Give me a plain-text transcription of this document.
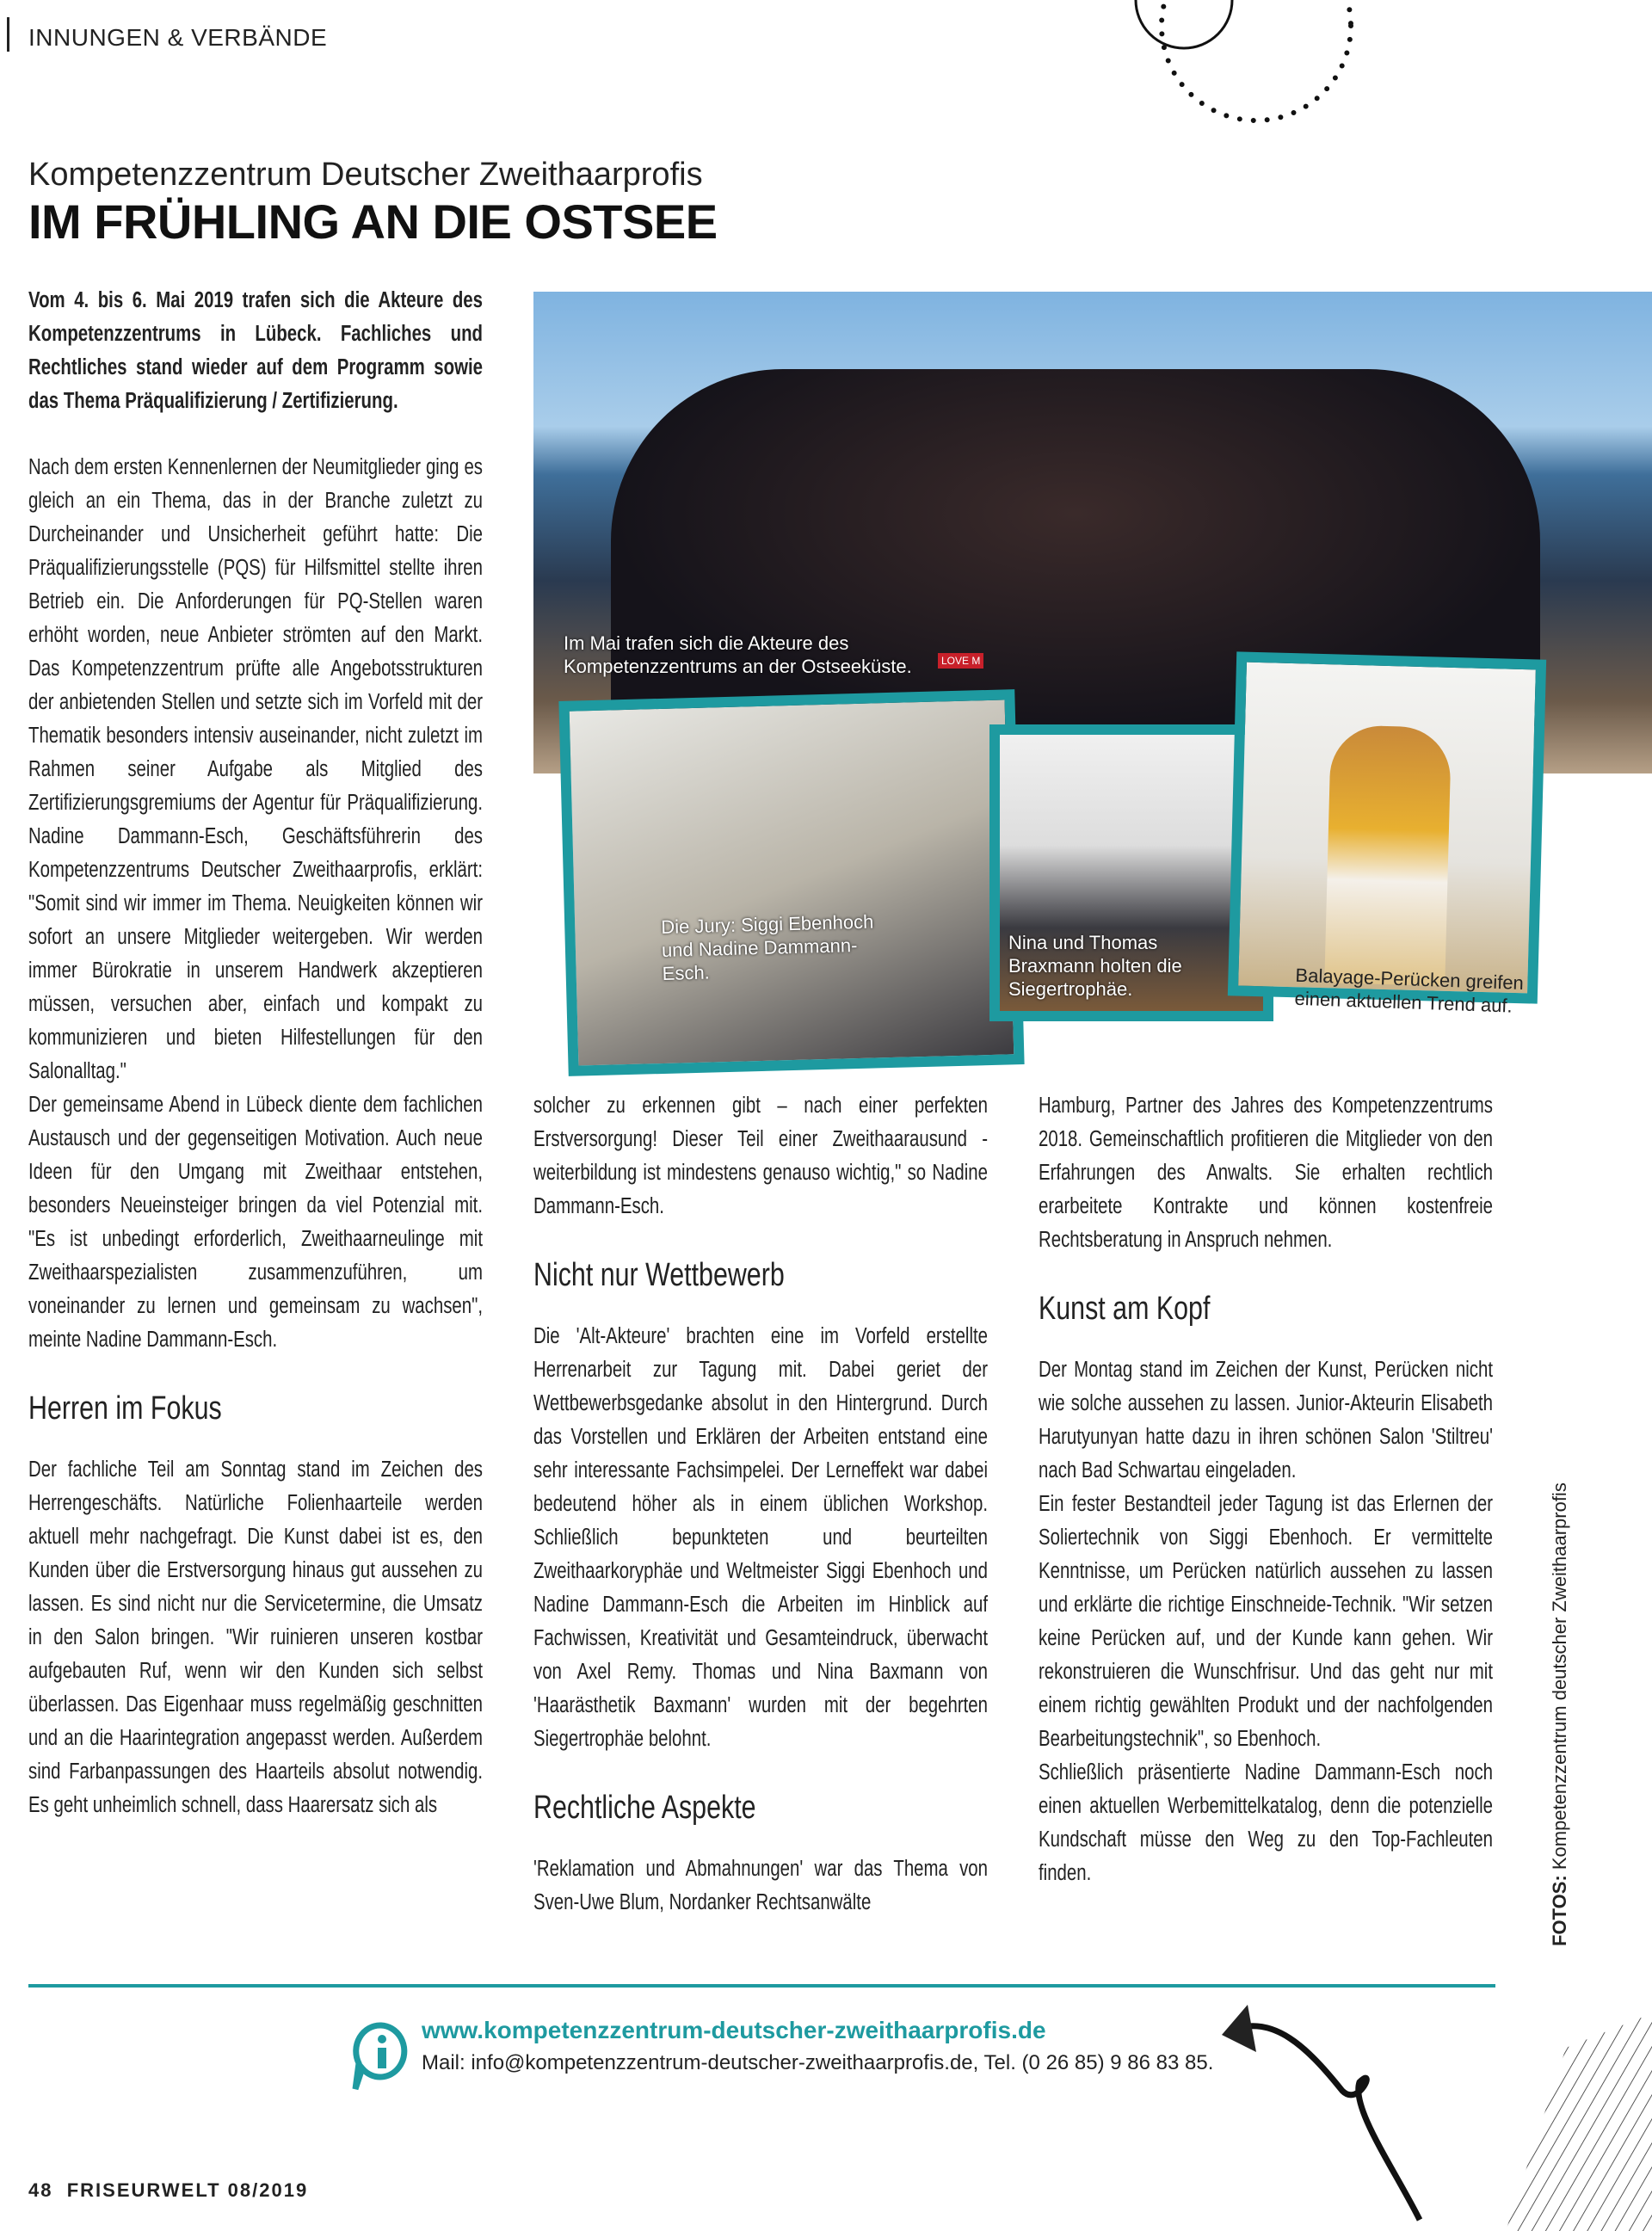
INNUNGEN & VERBÄNDE
Kompetenzzentrum Deutscher Zweithaarprofis
IM FRÜHLING AN DIE OSTSEE

Vom 4. bis 6. Mai 2019 trafen sich die Akteure des Kompetenzzentrums in Lübeck. Fachliches und Rechtliches stand wieder auf dem Programm sowie das Thema Präqualifizierung / Zertifizierung.

Nach dem ersten Kennenlernen der Neumitglieder ging es gleich an ein Thema, das in der Branche zuletzt zu Durcheinander und Unsicherheit geführt hatte: Die Präqualifizierungsstelle (PQS) für Hilfsmittel stellte ihren Betrieb ein. Die Anforderungen für PQ-Stellen waren erhöht worden, neue Anbieter strömten auf den Markt. Das Kompetenzzentrum prüfte alle Angebotsstrukturen der anbietenden Stellen und setzte sich im Vorfeld mit der Thematik besonders intensiv auseinander, nicht zuletzt im Rahmen seiner Aufgabe als Mitglied des Zertifizierungsgremiums der Agentur für Präqualifizierung. Nadine Dammann-Esch, Geschäftsführerin des Kompetenzzentrums Deutscher Zweithaarprofis, erklärt: "Somit sind wir immer im Thema. Neuigkeiten können wir sofort an unsere Mitglieder weitergeben. Wir werden immer Bürokratie in unserem Handwerk akzeptieren müssen, versuchen aber, einfach und kompakt zu kommunizieren und bieten Hilfestellungen für den Salonalltag."

Der gemeinsame Abend in Lübeck diente dem fachlichen Austausch und der gegenseitigen Motivation. Auch neue Ideen für den Umgang mit Zweithaar entstehen, besonders Neueinsteiger bringen da viel Potenzial mit. "Es ist unbedingt erforderlich, Zweithaarneulinge mit Zweithaarspezialisten zusammenzuführen, um voneinander zu lernen und gemeinsam zu wachsen", meinte Nadine Dammann-Esch.

Herren im Fokus

Der fachliche Teil am Sonntag stand im Zeichen des Herrengeschäfts. Natürliche Folienhaarteile werden aktuell mehr nachgefragt. Die Kunst dabei ist es, den Kunden über die Erstversorgung hinaus gut aussehen zu lassen. Es sind nicht nur die Servicetermine, die Umsatz in den Salon bringen. "Wir ruinieren unseren kostbar aufgebauten Ruf, wenn wir den Kunden sich selbst überlassen. Das Eigenhaar muss regelmäßig geschnitten und an die Haarintegration angepasst werden. Außerdem sind Farbanpassungen des Haarteils absolut notwendig. Es geht unheimlich schnell, dass Haarersatz sich als

Im Mai trafen sich die Akteure des Kompetenzzentrums an der Ostseeküste.	LOVE M
Die Jury: Siggi Ebenhoch und Nadine Dammann-Esch.
Nina und Thomas Braxmann holten die Siegertrophäe.	Balayage-Perücken greifen einen aktuellen Trend auf.

solcher zu erkennen gibt – nach einer perfekten Erstversorgung! Dieser Teil einer Zweithaarausund -weiterbildung ist mindestens genauso wichtig," so Nadine Dammann-Esch.

Nicht nur Wettbewerb

Die 'Alt-Akteure' brachten eine im Vorfeld erstellte Herrenarbeit zur Tagung mit. Dabei geriet der Wettbewerbsgedanke absolut in den Hintergrund. Durch das Vorstellen und Erklären der Arbeiten entstand eine sehr interessante Fachsimpelei. Der Lerneffekt war dabei bedeutend höher als in einem üblichen Workshop. Schließlich bepunkteten und beurteilten Zweithaarkoryphäe und Weltmeister Siggi Ebenhoch und Nadine Dammann-Esch die Arbeiten im Hinblick auf Fachwissen, Kreativität und Gesamteindruck, überwacht von Axel Remy. Thomas und Nina Baxmann von 'Haarästhetik Baxmann' wurden mit der begehrten Siegertrophäe belohnt.

Rechtliche Aspekte

'Reklamation und Abmahnungen' war das Thema von Sven-Uwe Blum, Nordanker Rechtsanwälte

Hamburg, Partner des Jahres des Kompetenzzentrums 2018. Gemeinschaftlich profitieren die Mitglieder von den Erfahrungen des Anwalts. Sie erhalten rechtlich erarbeitete Kontrakte und können kostenfreie Rechtsberatung in Anspruch nehmen.

Kunst am Kopf

Der Montag stand im Zeichen der Kunst, Perücken nicht wie solche aussehen zu lassen. Junior-Akteurin Elisabeth Harutyunyan hatte dazu in ihren schönen Salon 'Stiltreu' nach Bad Schwartau eingeladen.

Ein fester Bestandteil jeder Tagung ist das Erlernen der Soliertechnik von Siggi Ebenhoch. Er vermittelte Kenntnisse, um Perücken natürlich aussehen zu lassen und erklärte die richtige Einschneide-Technik. "Wir setzen keine Perücken auf, und der Kunde kann gehen. Wir rekonstruieren die Wunschfrisur. Und das geht nur mit einem richtig gewählten Produkt und der nachfolgenden Bearbeitungstechnik", so Ebenhoch.

Schließlich präsentierte Nadine Dammann-Esch noch einen aktuellen Werbemittelkatalog, denn die potenzielle Kundschaft müsse den Weg zu den Top-Fachleuten finden.

FOTOS: Kompetenzzentrum deutscher Zweithaarprofis
www.kompetenzzentrum-deutscher-zweithaarprofis.de
Mail: info@kompetenzzentrum-deutscher-zweithaarprofis.de, Tel. (0 26 85) 9 86 83 85.
48 FRISEURWELT 08/2019
